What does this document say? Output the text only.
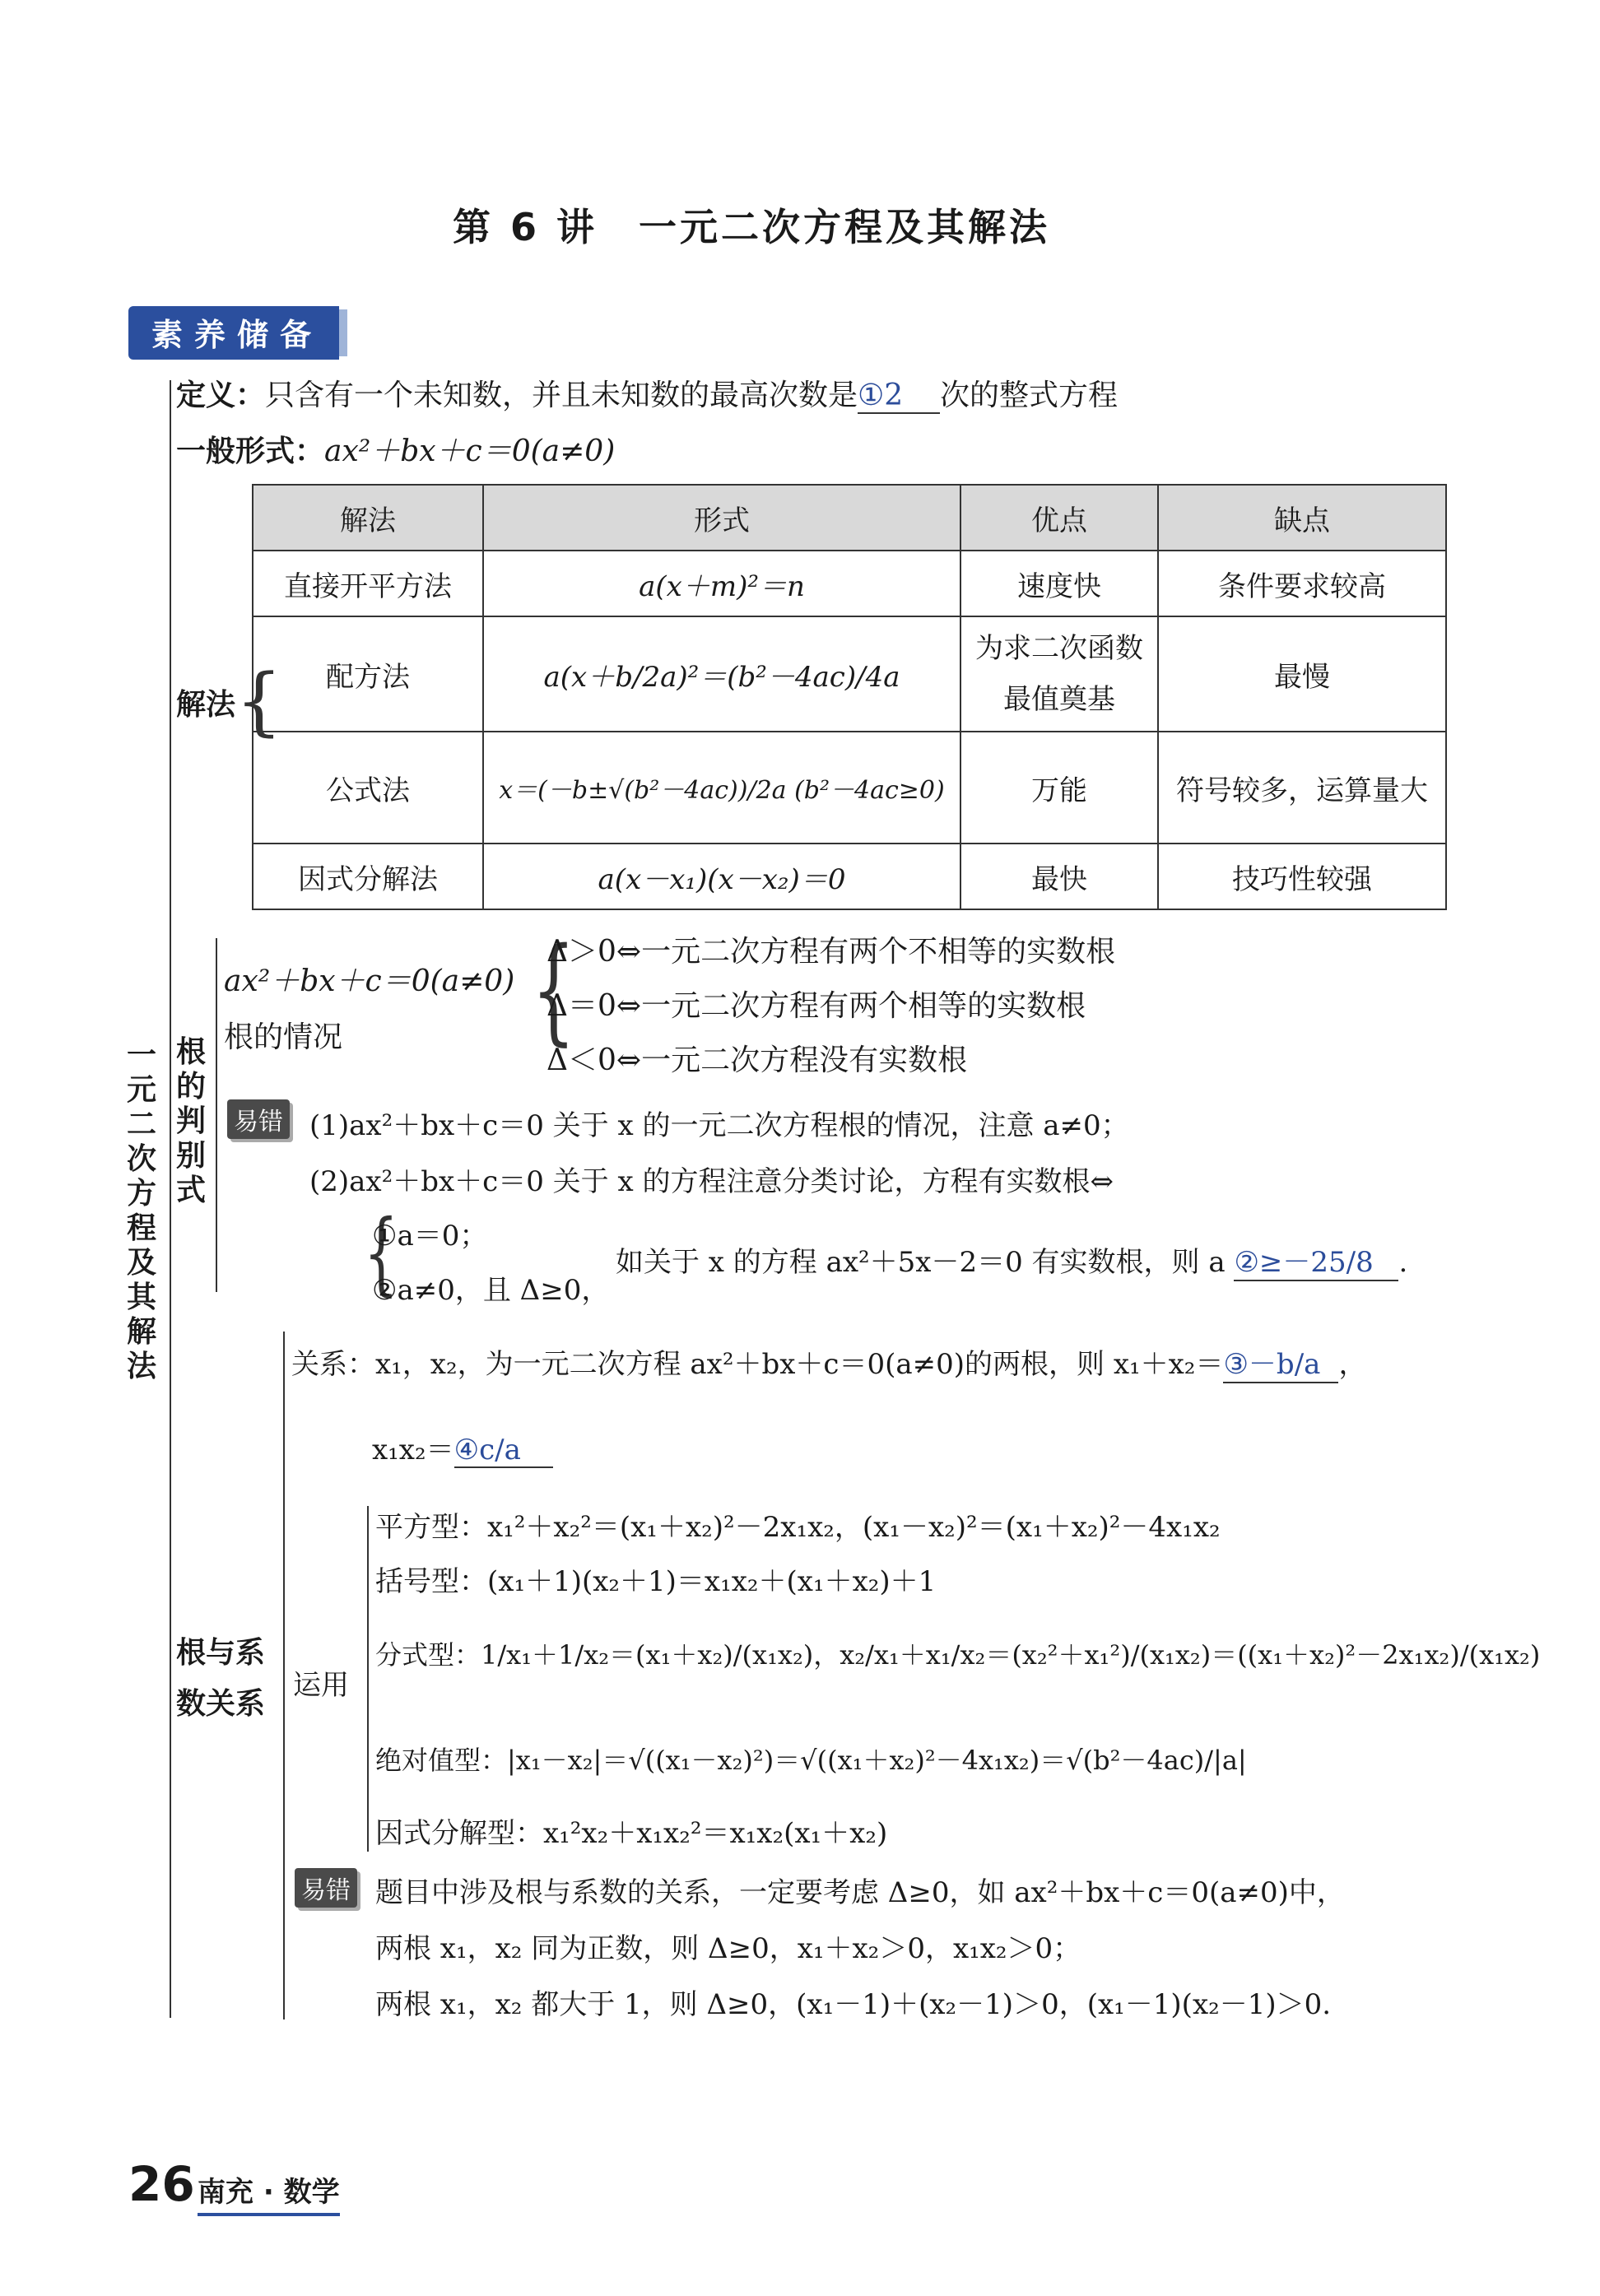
第 6 讲　一元二次方程及其解法
素养储备
一元二次方程及其解法
定义：只含有一个未知数，并且未知数的最高次数是①2 次的整式方程
一般形式：ax²＋bx＋c＝0(a≠0)
解法 {
解法	形式	优点	缺点
直接开平方法	a(x＋m)²＝n	速度快	条件要求较高
配方法	a(x＋b/2a)²＝(b²－4ac)/4a	为求二次函数最值奠基	最慢
公式法	x＝(－b±√(b²－4ac))/2a (b²－4ac≥0)	万能	符号较多，运算量大
因式分解法	a(x－x₁)(x－x₂)＝0	最快	技巧性较强
根的判别式
ax²＋bx＋c＝0(a≠0)
根的情况 {
Δ＞0⇔一元二次方程有两个不相等的实数根
Δ＝0⇔一元二次方程有两个相等的实数根
Δ＜0⇔一元二次方程没有实数根
易错 (1)ax²＋bx＋c＝0 关于 x 的一元二次方程根的情况，注意 a≠0；
(2)ax²＋bx＋c＝0 关于 x 的方程注意分类讨论，方程有实数根⇔
{
①a＝0；
②a≠0，且 Δ≥0，
如关于 x 的方程 ax²＋5x－2＝0 有实数根，则 a ②≥－25/8 .
根与系数关系
关系：x₁，x₂，为一元二次方程 ax²＋bx＋c＝0(a≠0)的两根，则 x₁＋x₂＝③－b/a ，
x₁x₂＝④c/a
运用
平方型：x₁²＋x₂²＝(x₁＋x₂)²－2x₁x₂，(x₁－x₂)²＝(x₁＋x₂)²－4x₁x₂
括号型：(x₁＋1)(x₂＋1)＝x₁x₂＋(x₁＋x₂)＋1
分式型：1/x₁＋1/x₂＝(x₁＋x₂)/(x₁x₂)，x₂/x₁＋x₁/x₂＝(x₂²＋x₁²)/(x₁x₂)＝((x₁＋x₂)²－2x₁x₂)/(x₁x₂)
绝对值型：|x₁－x₂|＝√((x₁－x₂)²)＝√((x₁＋x₂)²－4x₁x₂)＝√(b²－4ac)/|a|
因式分解型：x₁²x₂＋x₁x₂²＝x₁x₂(x₁＋x₂)
易错 题目中涉及根与系数的关系，一定要考虑 Δ≥0，如 ax²＋bx＋c＝0(a≠0)中，
两根 x₁，x₂ 同为正数，则 Δ≥0，x₁＋x₂＞0，x₁x₂＞0；
两根 x₁，x₂ 都大于 1，则 Δ≥0，(x₁－1)＋(x₂－1)＞0，(x₁－1)(x₂－1)＞0.
26 南充 · 数学
